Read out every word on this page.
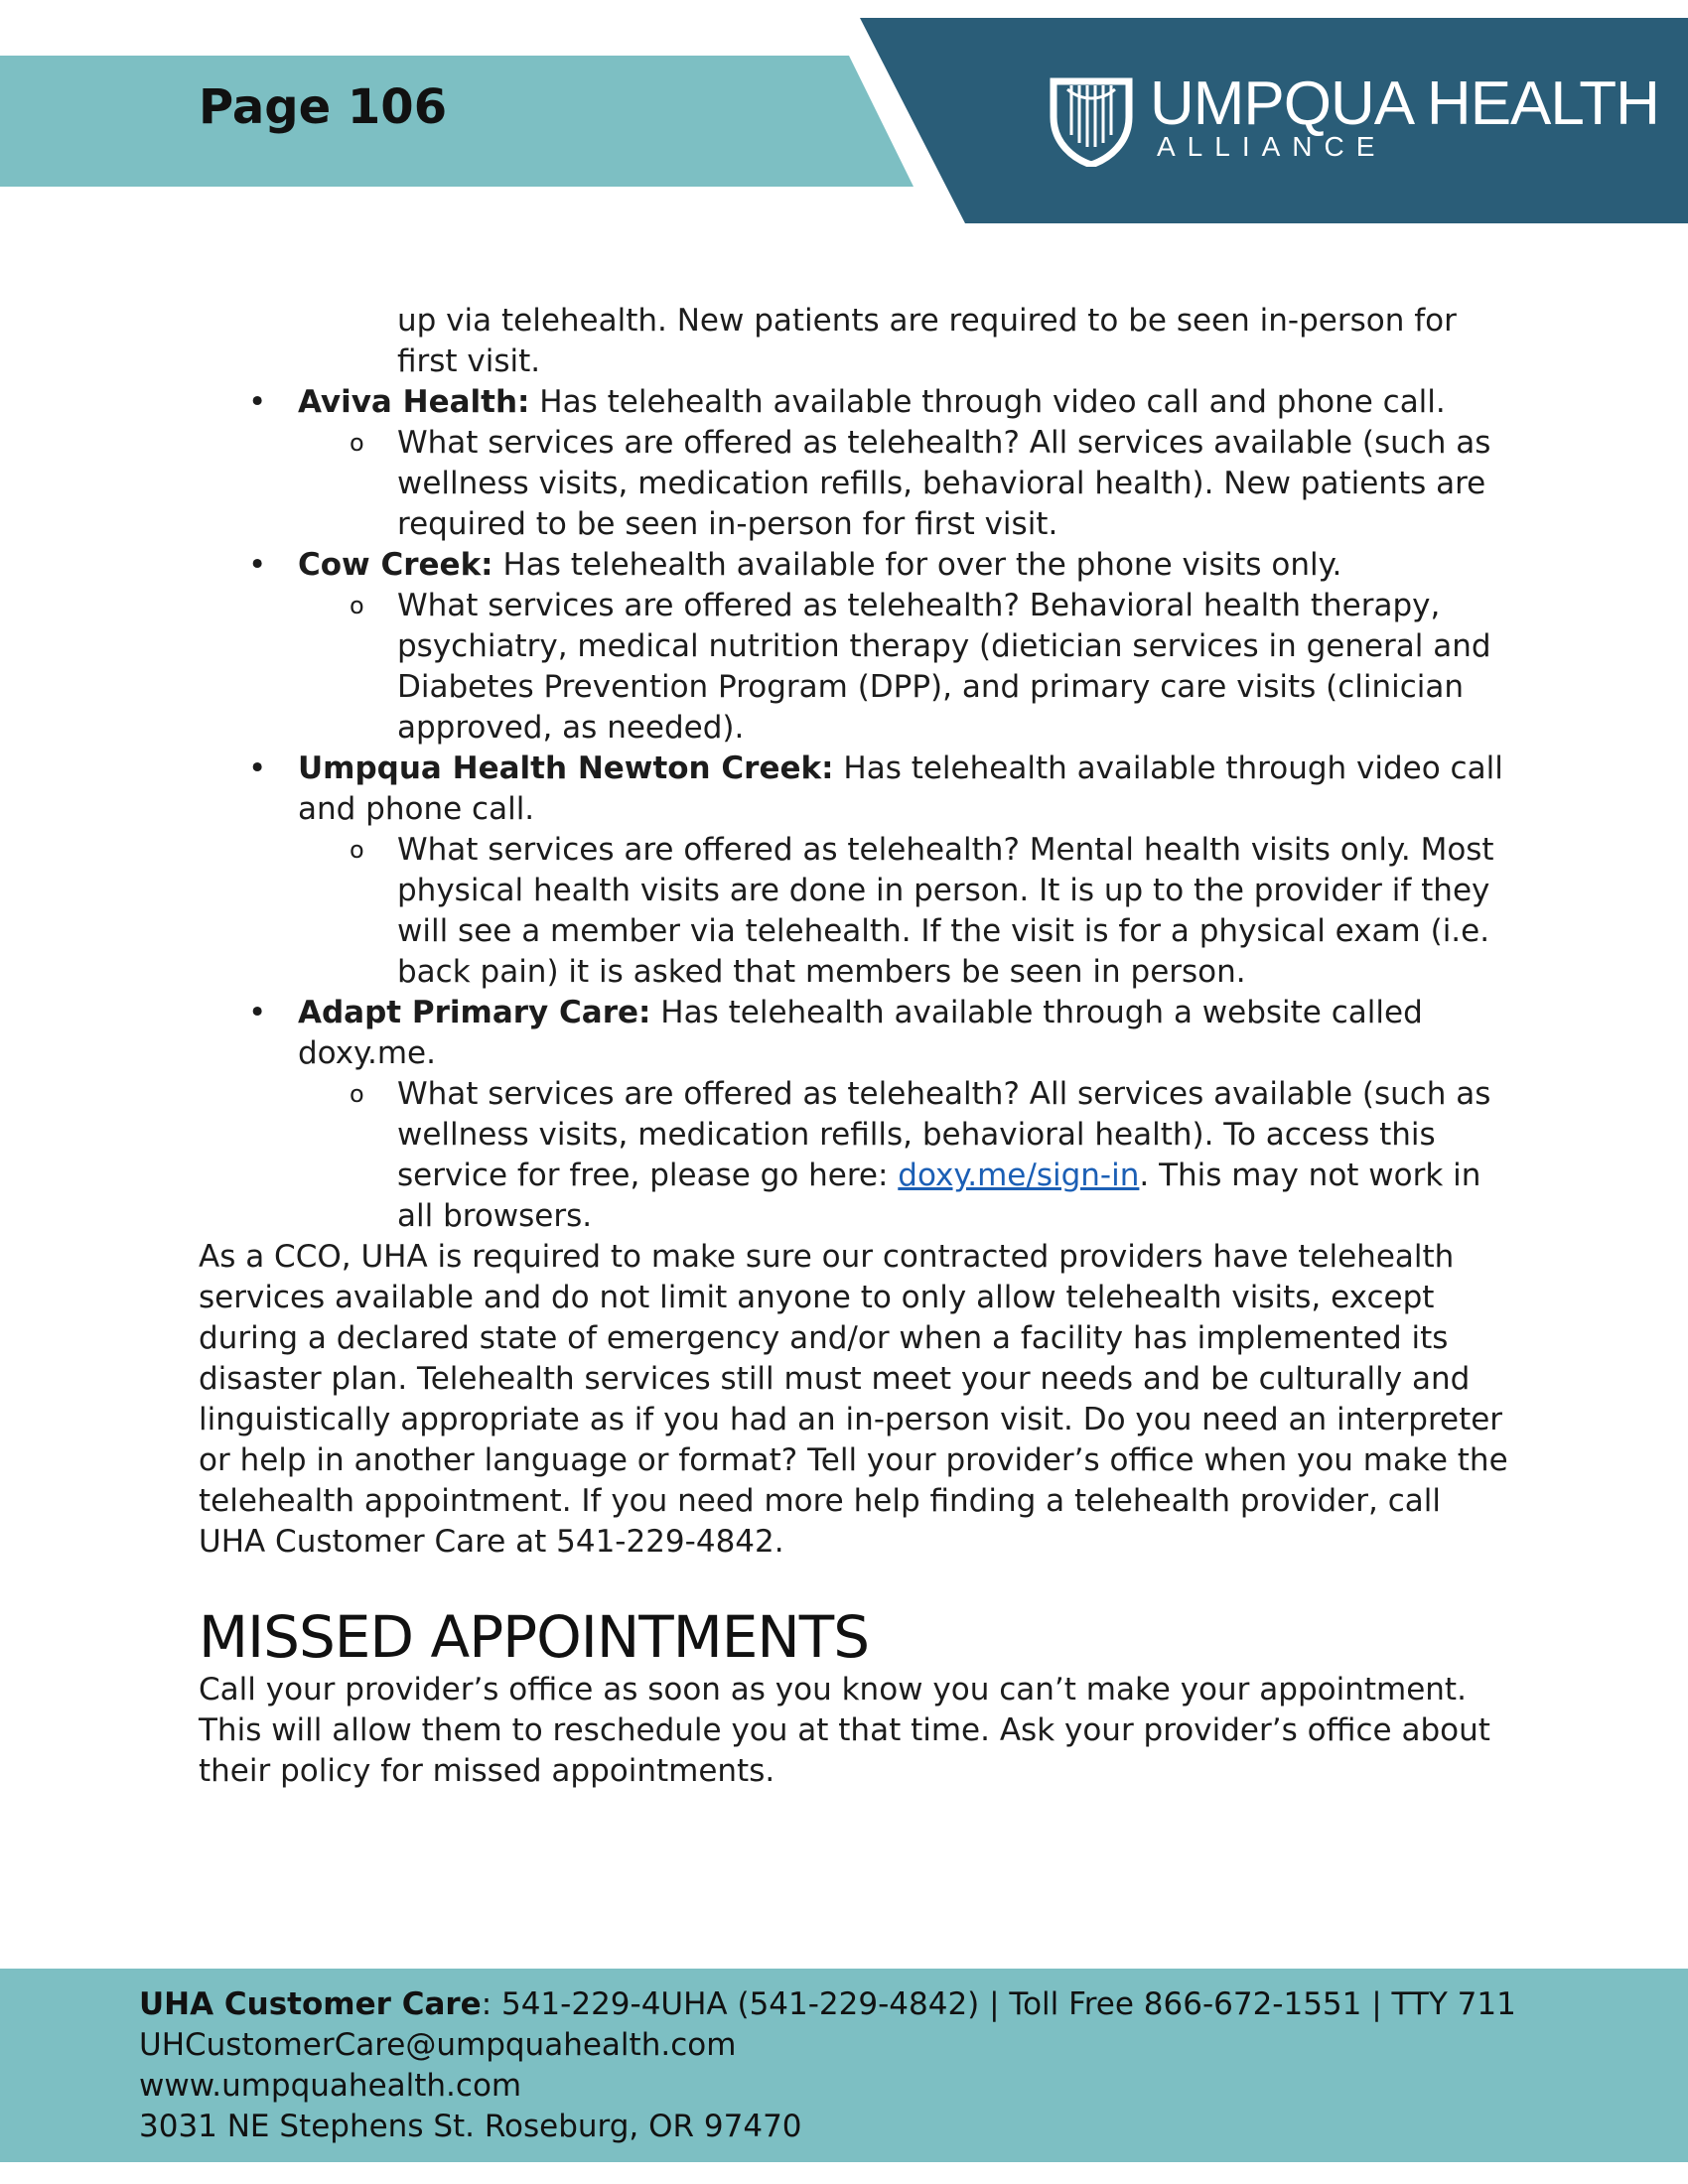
Page 106	UMPQUA HEALTH
ALLIANCE

up via telehealth. New patients are required to be seen in-person for first visit.

• Aviva Health: Has telehealth available through video call and phone call.

o What services are offered as telehealth? All services available (such as wellness visits, medication refills, behavioral health). New patients are required to be seen in-person for first visit.

• Cow Creek: Has telehealth available for over the phone visits only.

o What services are offered as telehealth? Behavioral health therapy, psychiatry, medical nutrition therapy (dietician services in general and Diabetes Prevention Program (DPP), and primary care visits (clinician approved, as needed).

• Umpqua Health Newton Creek: Has telehealth available through video call and phone call.

o What services are offered as telehealth? Mental health visits only. Most physical health visits are done in person. It is up to the provider if they will see a member via telehealth. If the visit is for a physical exam (i.e. back pain) it is asked that members be seen in person.

• Adapt Primary Care: Has telehealth available through a website called doxy.me.

o What services are offered as telehealth? All services available (such as wellness visits, medication refills, behavioral health). To access this service for free, please go here: doxy.me/sign-in. This may not work in all browsers.

As a CCO, UHA is required to make sure our contracted providers have telehealth services available and do not limit anyone to only allow telehealth visits, except during a declared state of emergency and/or when a facility has implemented its disaster plan. Telehealth services still must meet your needs and be culturally and linguistically appropriate as if you had an in-person visit. Do you need an interpreter or help in another language or format? Tell your provider’s office when you make the telehealth appointment. If you need more help finding a telehealth provider, call UHA Customer Care at 541-229-4842.

MISSED APPOINTMENTS

Call your provider’s office as soon as you know you can’t make your appointment. This will allow them to reschedule you at that time. Ask your provider’s office about their policy for missed appointments.

UHA Customer Care: 541-229-4UHA (541-229-4842) | Toll Free 866-672-1551 | TTY 711
UHCustomerCare@umpquahealth.com
www.umpquahealth.com
3031 NE Stephens St. Roseburg, OR 97470
